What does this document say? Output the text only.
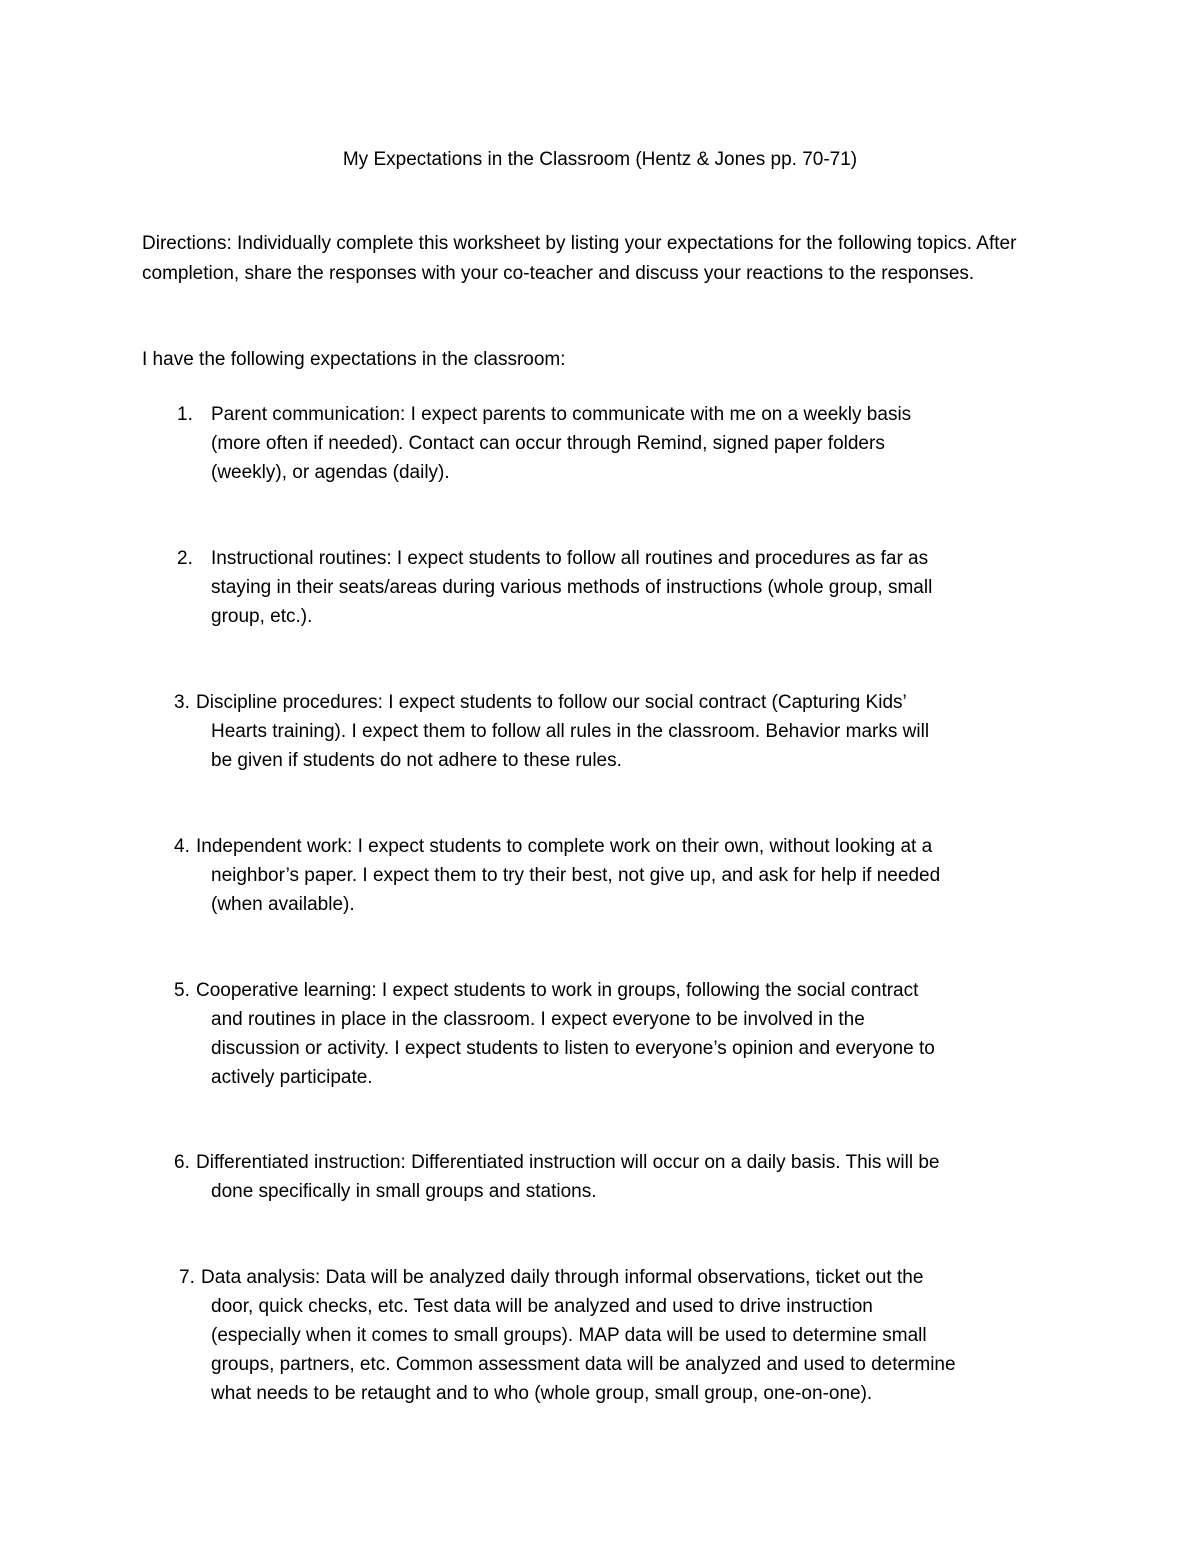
My Expectations in the Classroom (Hentz & Jones pp. 70-71)
Directions: Individually complete this worksheet by listing your expectations for the following topics. After completion, share the responses with your co-teacher and discuss your reactions to the responses.
I have the following expectations in the classroom:
1. Parent communication: I expect parents to communicate with me on a weekly basis
(more often if needed). Contact can occur through Remind, signed paper folders
(weekly), or agendas (daily).
2. Instructional routines: I expect students to follow all routines and procedures as far as
staying in their seats/areas during various methods of instructions (whole group, small
group, etc.).
3. Discipline procedures: I expect students to follow our social contract (Capturing Kids’
Hearts training). I expect them to follow all rules in the classroom. Behavior marks will
be given if students do not adhere to these rules.
4. Independent work: I expect students to complete work on their own, without looking at a
neighbor’s paper. I expect them to try their best, not give up, and ask for help if needed
(when available).
5. Cooperative learning: I expect students to work in groups, following the social contract
and routines in place in the classroom. I expect everyone to be involved in the
discussion or activity. I expect students to listen to everyone’s opinion and everyone to
actively participate.
6. Differentiated instruction: Differentiated instruction will occur on a daily basis. This will be
done specifically in small groups and stations.
7. Data analysis: Data will be analyzed daily through informal observations, ticket out the
door, quick checks, etc. Test data will be analyzed and used to drive instruction
(especially when it comes to small groups). MAP data will be used to determine small
groups, partners, etc. Common assessment data will be analyzed and used to determine
what needs to be retaught and to who (whole group, small group, one-on-one).
